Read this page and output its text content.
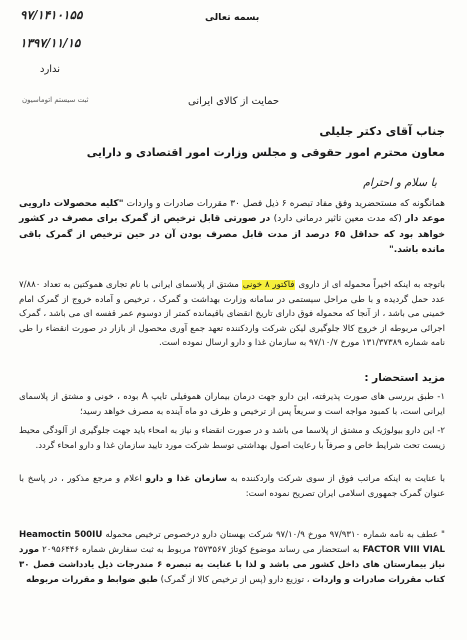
۹۷/۱۴۱۰۱۵۵
۱۳۹۷/۱۱/۱۵
ندارد
ثبت سیستم اتوماسیون
بسمه تعالی
حمایت از کالای ایرانی
جناب آقای دکتر جلیلی
معاون محترم امور حقوقی و مجلس وزارت امور اقتصادی و دارایی
با سلام و احترام
همانگونه که مستحضرید وفق مفاد تبصره ۶ ذیل فصل ۳۰ مقررات صادرات و واردات "کلیه محصولات دارویی موعد دار (که مدت معین تاثیر درمانی دارد) در صورتی قابل ترخیص از گمرک برای مصرف در کشور خواهد بود که حداقل ۶۵ درصد از مدت قابل مصرف بودن آن در حین ترخیص از گمرک باقی مانده باشد."
باتوجه به اینکه اخیراً محموله ای از داروی فاکتور ۸ خونی مشتق از پلاسمای ایرانی با نام تجاری هموکتین به تعداد ۷/۸۸۰ عدد حمل گردیده و با طی مراحل سیستمی در سامانه وزارت بهداشت و گمرک ، ترخیص و آماده خروج از گمرک امام خمینی می باشد ، از آنجا که محموله فوق دارای تاریخ انقضای باقیمانده کمتر از دوسوم عمر قفسه ای می باشد ، گمرک اجرائی مربوطه از خروج کالا جلوگیری لیکن شرکت واردکننده تعهد جمع آوری محصول از بازار در صورت انقضاء را طی نامه شماره ۱۳۱/۳۷۳۸۹ مورخ ۹۷/۱۰/۷ به سازمان غذا و دارو ارسال نموده است.
مزید استحضار :
۱- طبق بررسی های صورت پذیرفته، این دارو جهت درمان بیماران هموفیلی تایپ A بوده ، خونی و مشتق از پلاسمای ایرانی است، با کمبود مواجه است و سریعاً پس از ترخیص و ظرف دو ماه آینده به مصرف خواهد رسید؛
۲- این دارو بیولوژیک و مشتق از پلاسما می باشد و در صورت انقضاء و نیاز به امحاء باید جهت جلوگیری از آلودگی محیط زیست تحت شرایط خاص و صرفاً با رعایت اصول بهداشتی توسط شرکت مورد تایید سازمان غذا و دارو امحاء گردد.
با عنایت به اینکه مراتب فوق از سوی شرکت واردکننده به سازمان غذا و دارو اعلام و مرجع مذکور ، در پاسخ با عنوان گمرک جمهوری اسلامی ایران تصریح نموده است:
" عطف به نامه شماره ۹۷/۹۳۱۰ مورخ ۹۷/۱۰/۹ شرکت بهستان دارو درخصوص ترخیص محموله Heamoctin 500IU FACTOR VIII VIAL به استحضار می رساند موضوع کوتاژ ۲۵۷۳۵۶۷ مربوط به ثبت سفارش شماره ۲۰۹۵۶۴۴۶ مورد نیاز بیمارستان های داخل کشور می باشد و لذا با عنایت به تبصره ۶ مندرجات ذیل یادداشت فصل ۳۰ کتاب مقررات صادرات و واردات ، توزیع دارو (پس از ترخیص کالا از گمرک) طبق ضوابط و مقررات مربوطه
